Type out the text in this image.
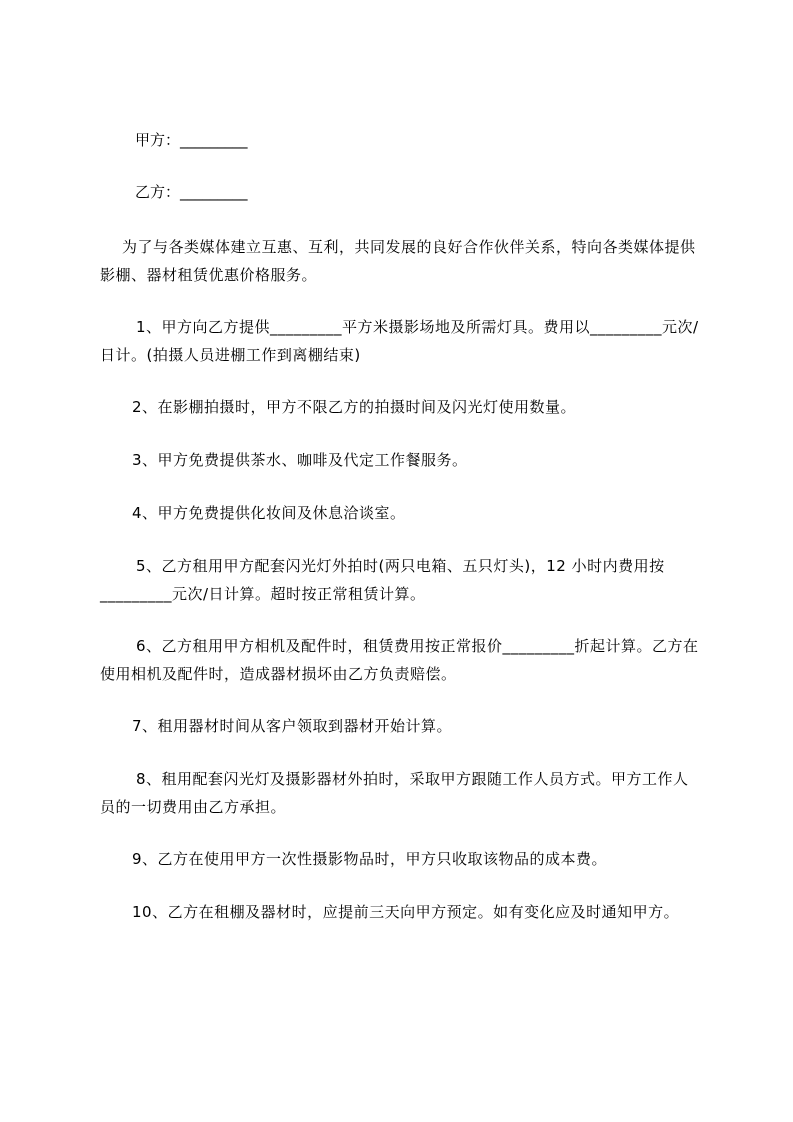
甲方：_________
乙方：_________
为了与各类媒体建立互惠、互利，共同发展的良好合作伙伴关系，特向各类媒体提供影棚、器材租赁优惠价格服务。
1、甲方向乙方提供_________平方米摄影场地及所需灯具。费用以_________元次/日计。(拍摄人员进棚工作到离棚结束)
2、在影棚拍摄时，甲方不限乙方的拍摄时间及闪光灯使用数量。
3、甲方免费提供茶水、咖啡及代定工作餐服务。
4、甲方免费提供化妆间及休息洽谈室。
5、乙方租用甲方配套闪光灯外拍时(两只电箱、五只灯头)，12 小时内费用按_________元次/日计算。超时按正常租赁计算。
6、乙方租用甲方相机及配件时，租赁费用按正常报价_________折起计算。乙方在使用相机及配件时，造成器材损坏由乙方负责赔偿。
7、租用器材时间从客户领取到器材开始计算。
8、租用配套闪光灯及摄影器材外拍时，采取甲方跟随工作人员方式。甲方工作人员的一切费用由乙方承担。
9、乙方在使用甲方一次性摄影物品时，甲方只收取该物品的成本费。
10、乙方在租棚及器材时，应提前三天向甲方预定。如有变化应及时通知甲方。
